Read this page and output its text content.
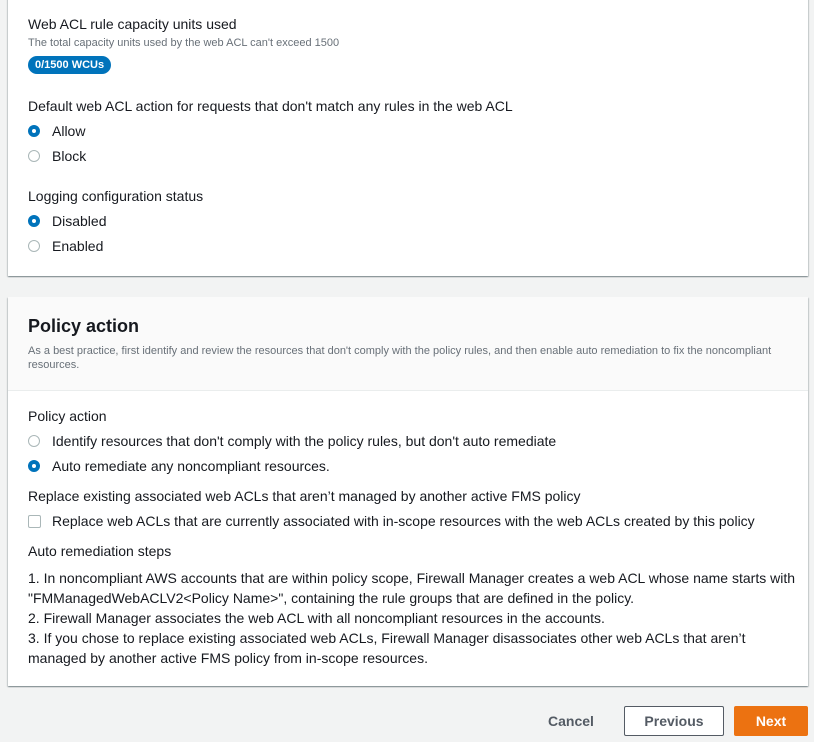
Web ACL rule capacity units used
The total capacity units used by the web ACL can't exceed 1500
0/1500 WCUs
Default web ACL action for requests that don't match any rules in the web ACL
Allow
Block
Logging configuration status
Disabled
Enabled
Policy action
As a best practice, first identify and review the resources that don't comply with the policy rules, and then enable auto remediation to fix the noncompliant resources.
Policy action
Identify resources that don't comply with the policy rules, but don't auto remediate
Auto remediate any noncompliant resources.
Replace existing associated web ACLs that aren’t managed by another active FMS policy
Replace web ACLs that are currently associated with in-scope resources with the web ACLs created by this policy
Auto remediation steps
1. In noncompliant AWS accounts that are within policy scope, Firewall Manager creates a web ACL whose name starts with "FMManagedWebACLV2<Policy Name>", containing the rule groups that are defined in the policy.
2. Firewall Manager associates the web ACL with all noncompliant resources in the accounts.
3. If you chose to replace existing associated web ACLs, Firewall Manager disassociates other web ACLs that aren’t managed by another active FMS policy from in-scope resources.
Cancel	Previous	Next
